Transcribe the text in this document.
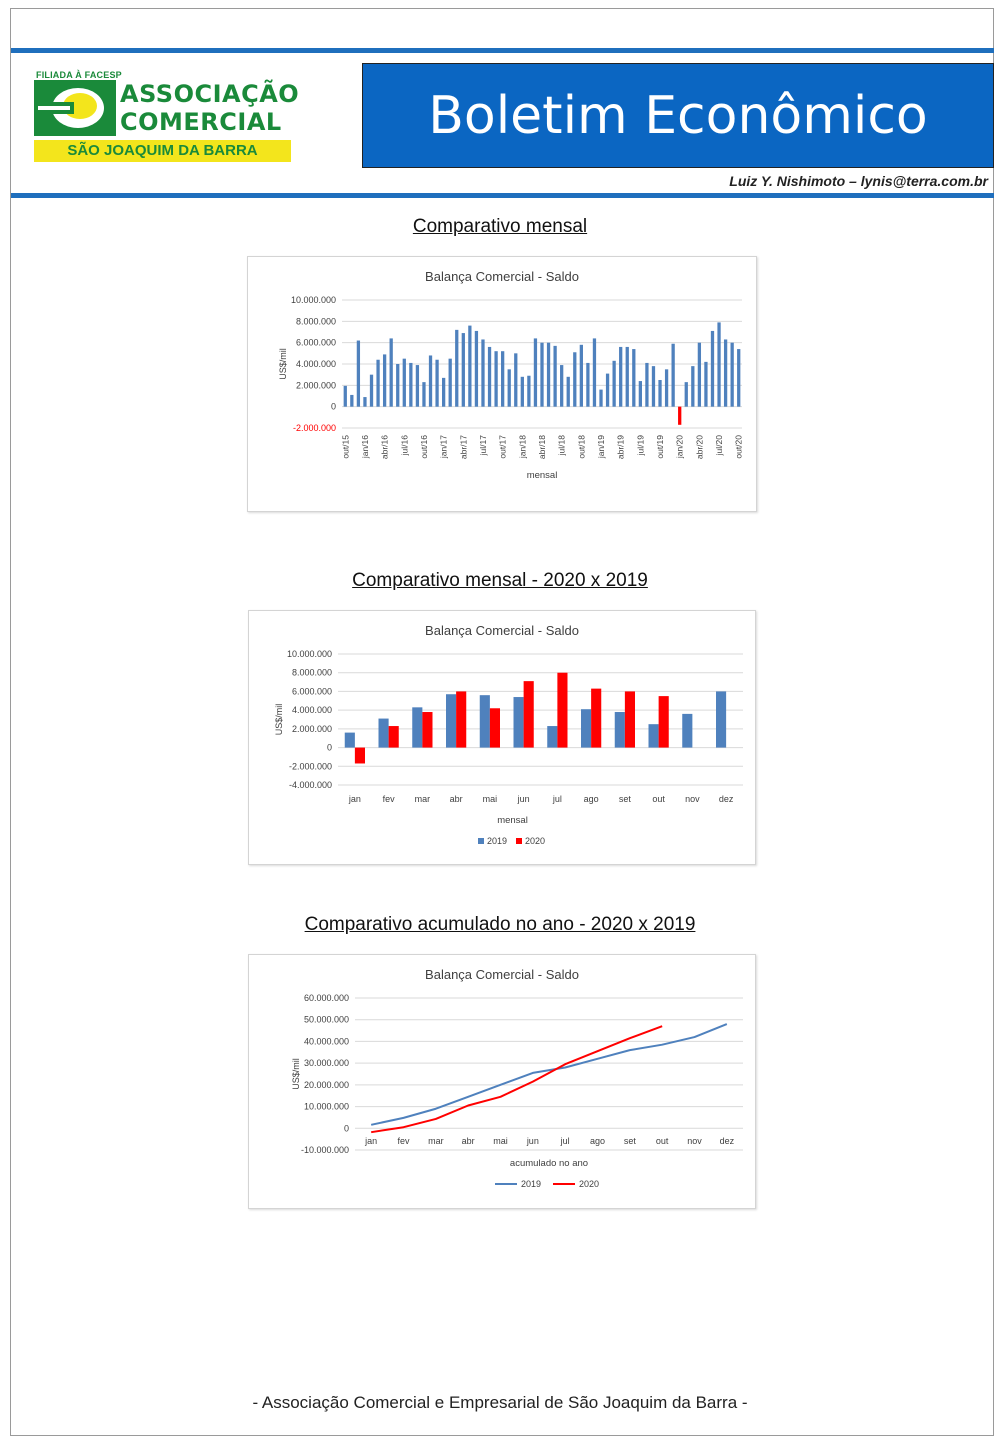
FILIADA À FACESP
ASSOCIAÇÃO
COMERCIAL
SÃO JOAQUIM DA BARRA
Boletim Econômico
Luiz Y. Nishimoto – lynis@terra.com.br
Comparativo mensal
Balança Comercial - Saldo
-2.000.000
0
2.000.000
4.000.000
6.000.000
8.000.000
10.000.000
US$/mil
out/15 jan/16 abr/16 jul/16 out/16 jan/17 abr/17 jul/17 out/17 jan/18 abr/18 jul/18 out/18 jan/19 abr/19 jul/19 out/19 jan/20 abr/20 jul/20 out/20
mensal
Comparativo mensal - 2020 x 2019
Balança Comercial - Saldo
-4.000.000
-2.000.000
0
2.000.000
4.000.000
6.000.000
8.000.000
10.000.000
US$/mil
jan fev mar abr mai jun	jul ago set out nov dez
mensal
2019 2020
Comparativo acumulado no ano - 2020 x 2019
Balança Comercial - Saldo
-10.000.000
0
10.000.000
20.000.000
30.000.000
40.000.000
50.000.000
60.000.000
US$/mil
jan fev mar abr mai jun jul ago set out nov dez
acumulado no ano
2019	2020
- Associação Comercial e Empresarial de São Joaquim da Barra -
